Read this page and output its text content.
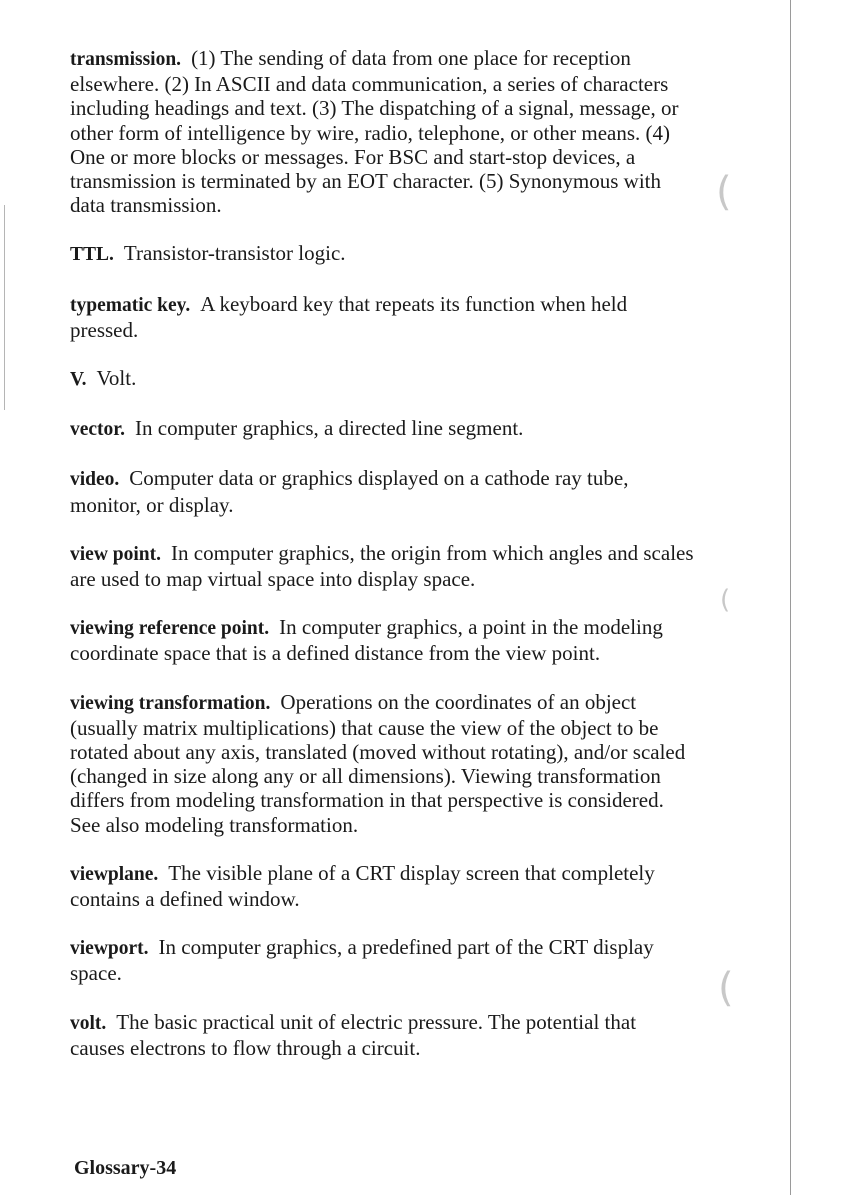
(
(
(

transmission. (1) The sending of data from one place for reception elsewhere. (2) In ASCII and data communication, a series of characters including headings and text. (3) The dispatching of a signal, message, or other form of intelligence by wire, radio, telephone, or other means. (4) One or more blocks or messages. For BSC and start-stop devices, a transmission is terminated by an EOT character. (5) Synonymous with data transmission.

TTL. Transistor-transistor logic.

typematic key. A keyboard key that repeats its function when held pressed.

V. Volt.

vector. In computer graphics, a directed line segment.

video. Computer data or graphics displayed on a cathode ray tube, monitor, or display.

view point. In computer graphics, the origin from which angles and scales are used to map virtual space into display space.

viewing reference point. In computer graphics, a point in the modeling coordinate space that is a defined distance from the view point.

viewing transformation. Operations on the coordinates of an object (usually matrix multiplications) that cause the view of the object to be rotated about any axis, translated (moved without rotating), and/or scaled (changed in size along any or all dimensions). Viewing transformation differs from modeling transformation in that perspective is considered. See also modeling transformation.

viewplane. The visible plane of a CRT display screen that completely contains a defined window.

viewport. In computer graphics, a predefined part of the CRT display space.

volt. The basic practical unit of electric pressure. The potential that causes electrons to flow through a circuit.

Glossary-34
